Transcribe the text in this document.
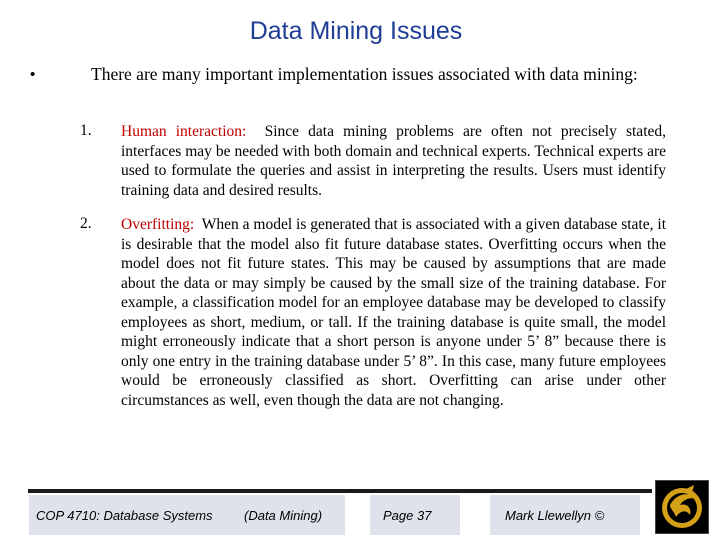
Data Mining Issues
•	There are many important implementation issues associated with data mining:
1. Human interaction: Since data mining problems are often not precisely stated, interfaces may be needed with both domain and technical experts. Technical experts are used to formulate the queries and assist in interpreting the results. Users must identify training data and desired results.
2. Overfitting: When a model is generated that is associated with a given database state, it is desirable that the model also fit future database states. Overfitting occurs when the model does not fit future states. This may be caused by assumptions that are made about the data or may simply be caused by the small size of the training database. For example, a classification model for an employee database may be developed to classify employees as short, medium, or tall. If the training database is quite small, the model might erroneously indicate that a short person is anyone under 5’ 8” because there is only one entry in the training database under 5’ 8”. In this case, many future employees would be erroneously classified as short. Overfitting can arise under other circumstances as well, even though the data are not changing.
COP 4710: Database Systems (Data Mining)	Page 37	Mark Llewellyn ©
